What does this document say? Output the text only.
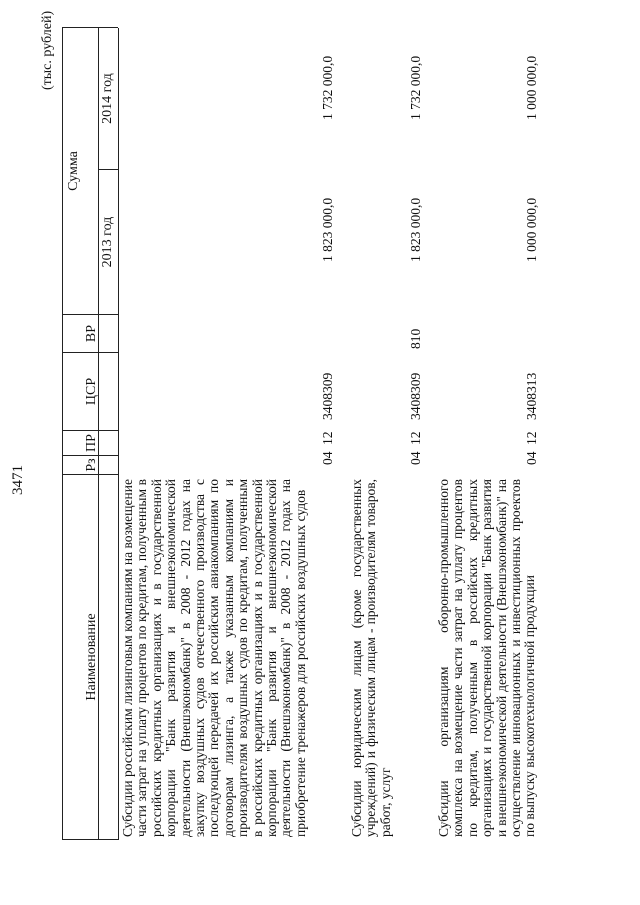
3471
(тыс. рублей)
Наименование
Рз
ПР
ЦСР
ВР
Сумма
2013 год
2014 год
Субсидии российским лизинговым компаниям на возмещение части затрат на уплату процентов по кредитам, полученным в российских кредитных организациях и в государственной корпорации "Банк развития и внешнеэкономической деятельности (Внешэкономбанк)" в 2008 - 2012 годах на закупку воздушных судов отечественного производства с последующей передачей их российским авиакомпаниям по договорам лизинга, а также указанным компаниям и производителям воздушных судов по кредитам, полученным в российских кредитных организациях и в государственной корпорации "Банк развития и внешнеэкономической деятельности (Внешэкономбанк)" в 2008 - 2012 годах на приобретение тренажеров для российских воздушных судов
04
12
3408309
1 823 000,0
1 732 000,0
Субсидии юридическим лицам (кроме государственных учреждений) и физическим лицам - производителям товаров, работ, услуг
04
12
3408309
810
1 823 000,0
1 732 000,0
Субсидии организациям оборонно-промышленного комплекса на возмещение части затрат на уплату процентов по кредитам, полученным в российских кредитных организациях и государственной корпорации "Банк развития и внешнеэкономической деятельности (Внешэкономбанк)" на осуществление инновационных и инвестиционных проектов по выпуску высокотехнологичной продукции
04
12
3408313
1 000 000,0
1 000 000,0
